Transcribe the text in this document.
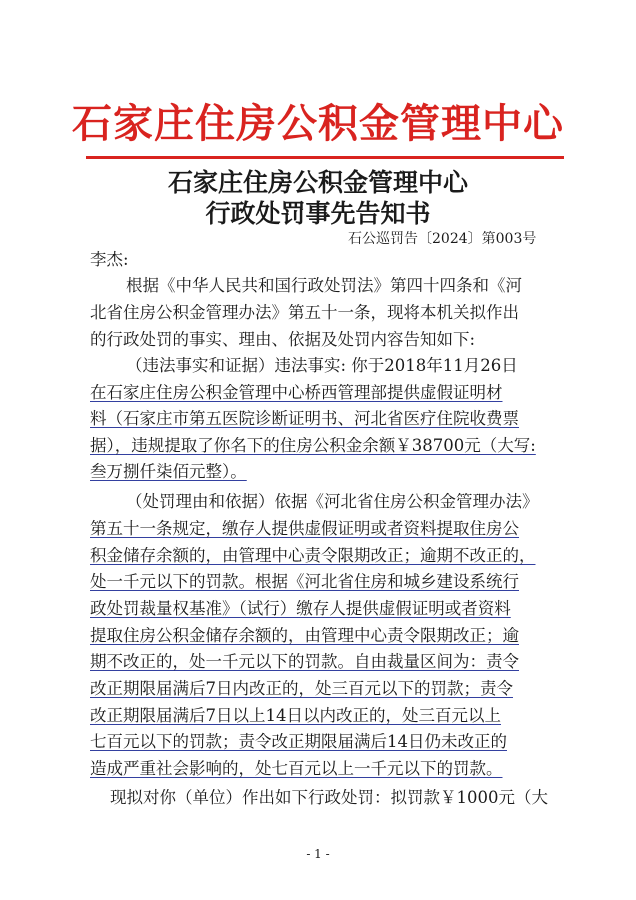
石家庄住房公积金管理中心
石家庄住房公积金管理中心
行政处罚事先告知书
石公巡罚告〔2024〕第003号
李杰:
根据《中华人民共和国行政处罚法》第四十四条和《河
北省住房公积金管理办法》第五十一条，现将本机关拟作出
的行政处罚的事实、理由、依据及处罚内容告知如下:
（违法事实和证据）违法事实: 你于2018年11月26日
在石家庄住房公积金管理中心桥西管理部提供虚假证明材
料（石家庄市第五医院诊断证明书、河北省医疗住院收费票
据），违规提取了你名下的住房公积金余额￥38700元（大写:
叁万捌仟柒佰元整）。
（处罚理由和依据）依据《河北省住房公积金管理办法》
第五十一条规定，缴存人提供虚假证明或者资料提取住房公
积金储存余额的，由管理中心责令限期改正；逾期不改正的，
处一千元以下的罚款。根据《河北省住房和城乡建设系统行
政处罚裁量权基准》（试行）缴存人提供虚假证明或者资料
提取住房公积金储存余额的，由管理中心责令限期改正；逾
期不改正的，处一千元以下的罚款。自由裁量区间为：责令
改正期限届满后7日内改正的，处三百元以下的罚款；责令
改正期限届满后7日以上14日以内改正的，处三百元以上
七百元以下的罚款；责令改正期限届满后14日仍未改正的
造成严重社会影响的，处七百元以上一千元以下的罚款。
现拟对你（单位）作出如下行政处罚：拟罚款￥1000元（大
- 1 -
